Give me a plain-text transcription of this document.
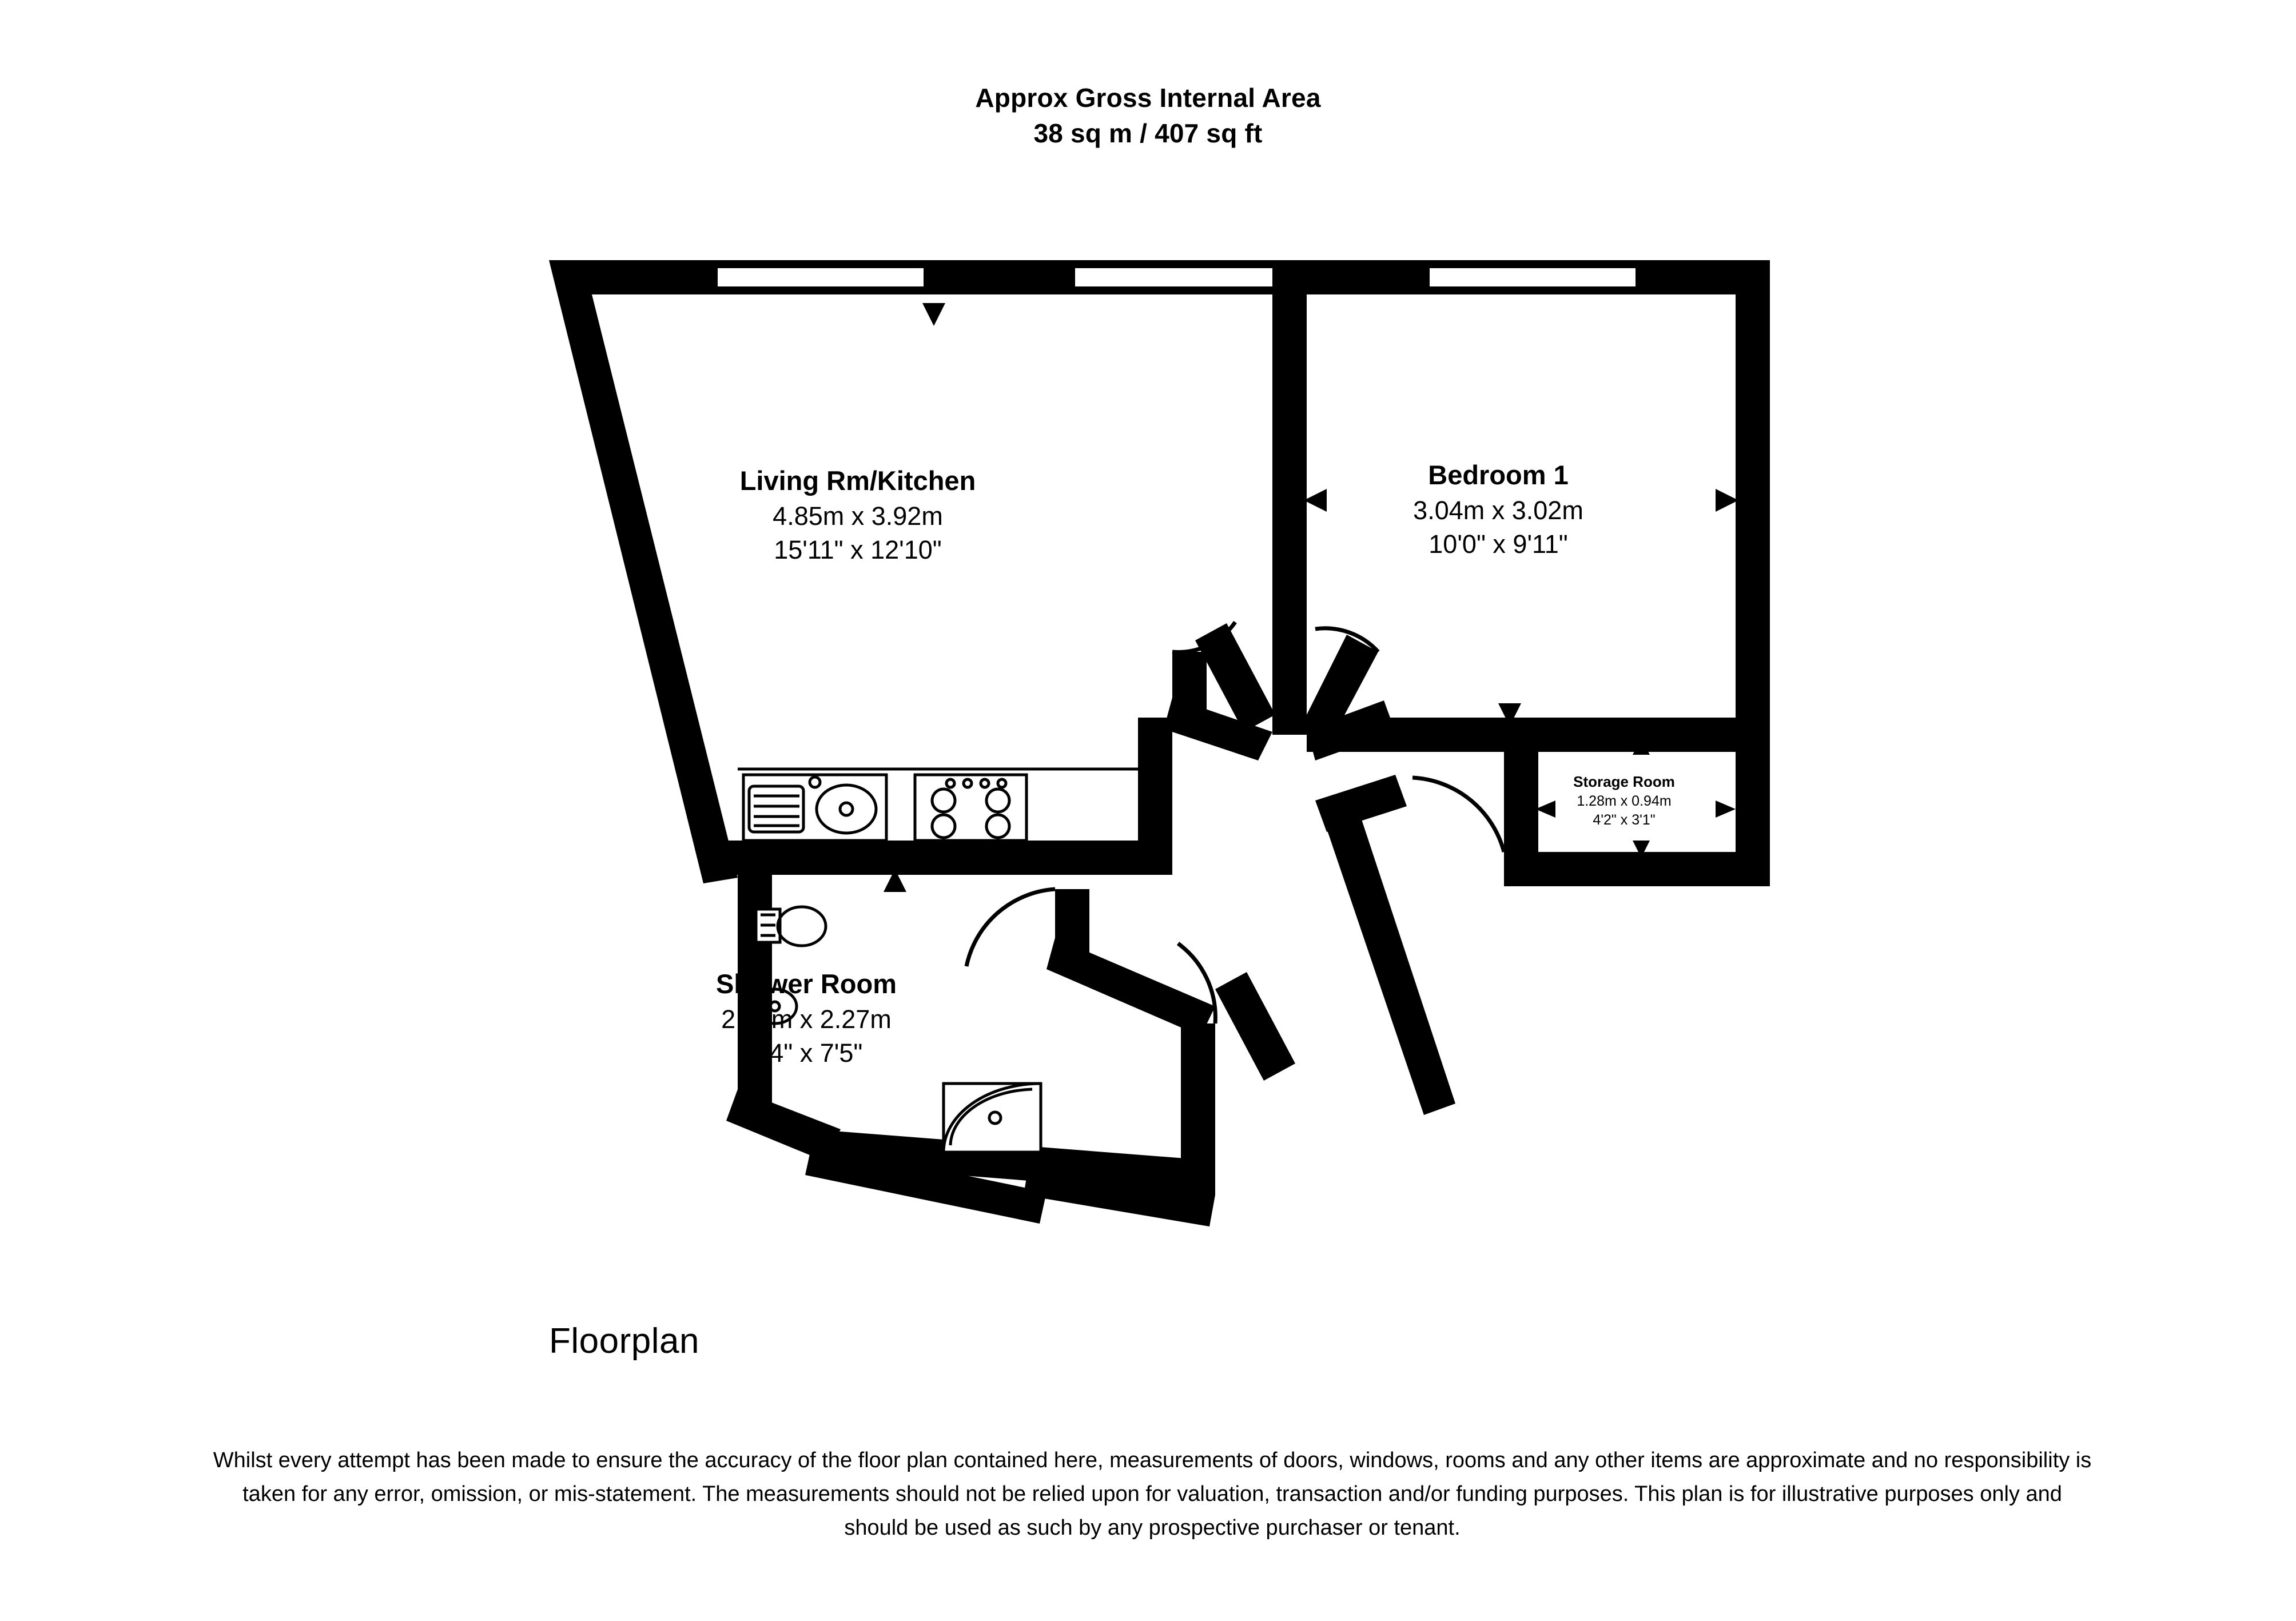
Approx Gross Internal Area
38 sq m / 407 sq ft
Living Rm/Kitchen
4.85m x 3.92m
15'11" x 12'10"
Bedroom 1
3.04m x 3.02m
10'0" x 9'11"
Shower Room
2.24m x 2.27m
7'4" x 7'5"
Storage Room
1.28m x 0.94m
4'2" x 3'1"
Floorplan
Whilst every attempt has been made to ensure the accuracy of the floor plan contained here, measurements of doors, windows, rooms and any other items are approximate and no responsibility is taken for any error, omission, or mis-statement. The measurements should not be relied upon for valuation, transaction and/or funding purposes. This plan is for illustrative purposes only and should be used as such by any prospective purchaser or tenant.
